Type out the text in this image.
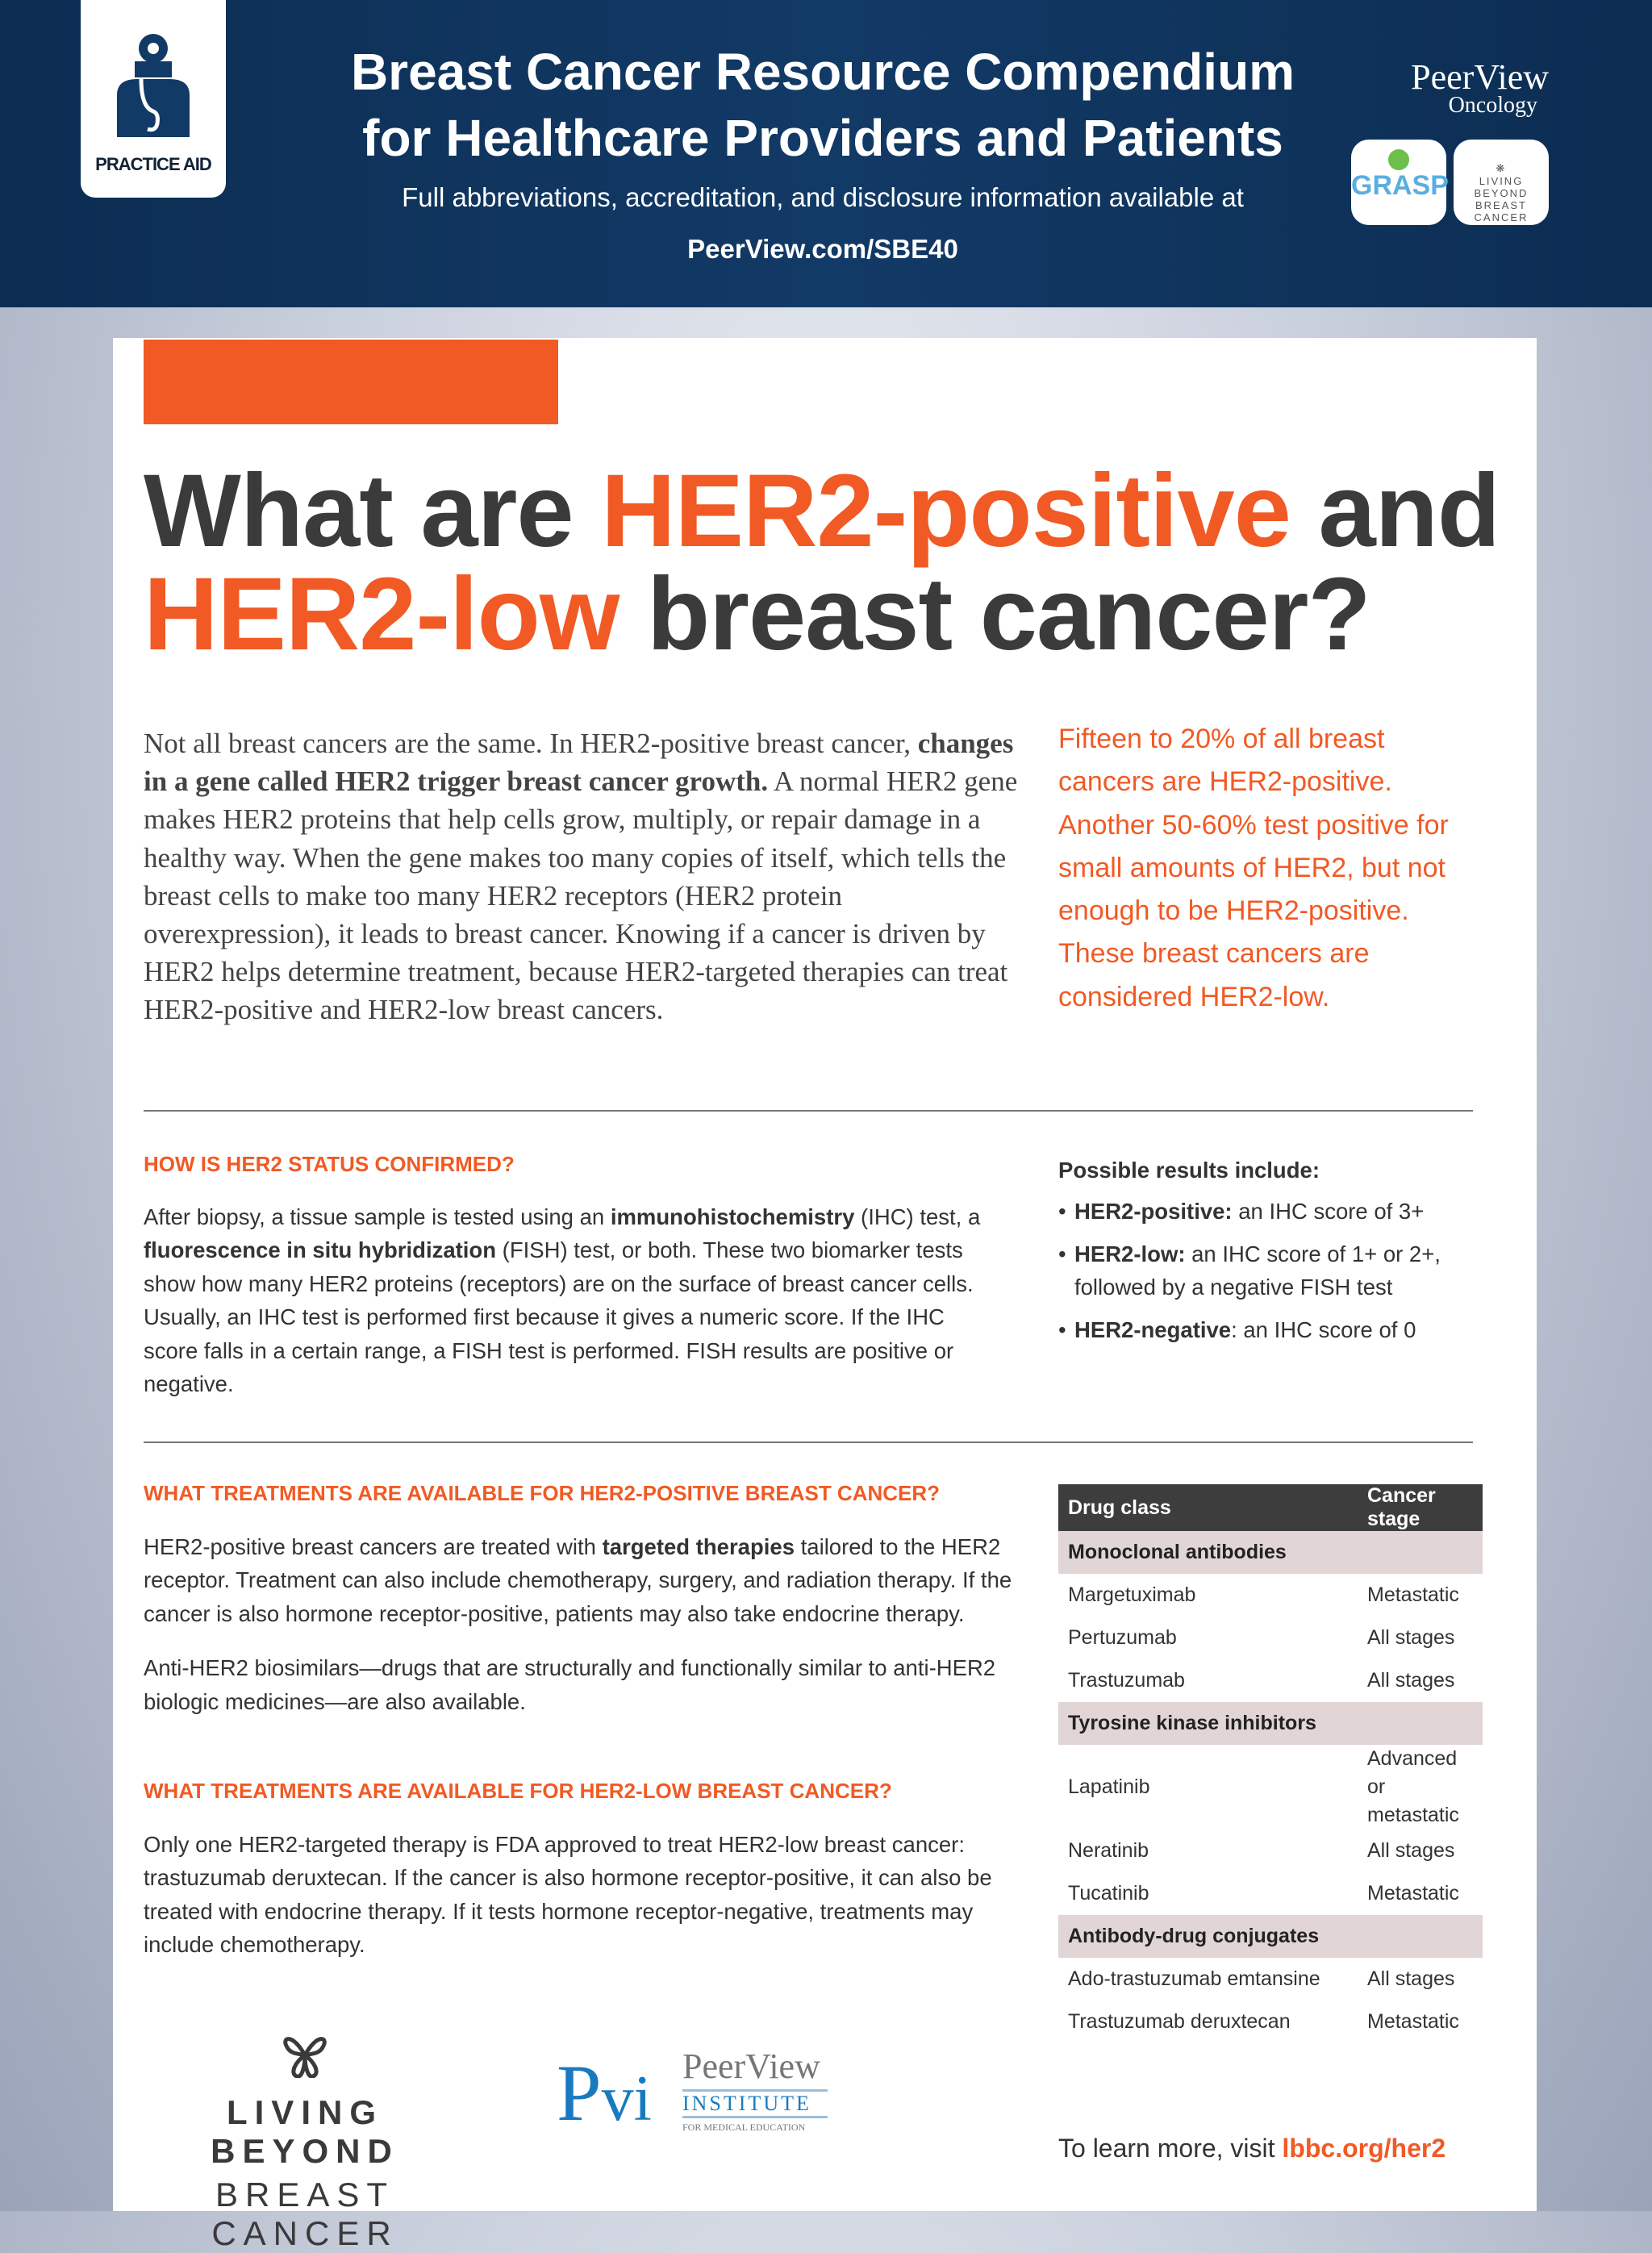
PRACTICE AID
Breast Cancer Resource Compendium
for Healthcare Providers and Patients
Full abbreviations, accreditation, and disclosure information available at
PeerView.com/SBE40
PeerView
Oncology
GRASP
❋
LIVING BEYOND
BREAST CANCER
What are HER2-positive and
HER2-low breast cancer?

Not all breast cancers are the same. In HER2-positive breast cancer, changes in a gene called HER2 trigger breast cancer growth. A normal HER2 gene makes HER2 proteins that help cells grow, multiply, or repair damage in a healthy way. When the gene makes too many copies of itself, which tells the breast cells to make too many HER2 receptors (HER2 protein overexpression), it leads to breast cancer. Knowing if a cancer is driven by HER2 helps determine treatment, because HER2-targeted therapies can treat HER2-positive and HER2-low breast cancers.

Fifteen to 20% of all breast cancers are HER2-positive. Another 50-60% test positive for small amounts of HER2, but not enough to be HER2-positive. These breast cancers are considered HER2-low.

HOW IS HER2 STATUS CONFIRMED?

After biopsy, a tissue sample is tested using an immunohistochemistry (IHC) test, a fluorescence in situ hybridization (FISH) test, or both. These two biomarker tests show how many HER2 proteins (receptors) are on the surface of breast cancer cells. Usually, an IHC test is performed first because it gives a numeric score. If the IHC score falls in a certain range, a FISH test is performed. FISH results are positive or negative.

Possible results include:
• HER2-positive: an IHC score of 3+
• HER2-low: an IHC score of 1+ or 2+, followed by a negative FISH test
• HER2-negative: an IHC score of 0
WHAT TREATMENTS ARE AVAILABLE FOR HER2-POSITIVE BREAST CANCER?

HER2-positive breast cancers are treated with targeted therapies tailored to the HER2 receptor. Treatment can also include chemotherapy, surgery, and radiation therapy. If the cancer is also hormone receptor-positive, patients may also take endocrine therapy.

Anti-HER2 biosimilars—drugs that are structurally and functionally similar to anti-HER2 biologic medicines—are also available.

WHAT TREATMENTS ARE AVAILABLE FOR HER2-LOW BREAST CANCER?

Only one HER2-targeted therapy is FDA approved to treat HER2-low breast cancer: trastuzumab deruxtecan. If the cancer is also hormone receptor-positive, it can also be treated with endocrine therapy. If it tests hormone receptor-negative, treatments may include chemotherapy.

Drug class	Cancer stage
Monoclonal antibodies	
Margetuximab	Metastatic
Pertuzumab	All stages
Trastuzumab	All stages
Tyrosine kinase inhibitors	
Lapatinib	Advanced or metastatic
Neratinib	All stages
Tucatinib	Metastatic
Antibody-drug conjugates	
Ado-trastuzumab emtansine	All stages
Trastuzumab deruxtecan	Metastatic
LIVING BEYOND
BREAST CANCER
Pvi PeerView
INSTITUTE
FOR MEDICAL EDUCATION
To learn more, visit lbbc.org/her2
